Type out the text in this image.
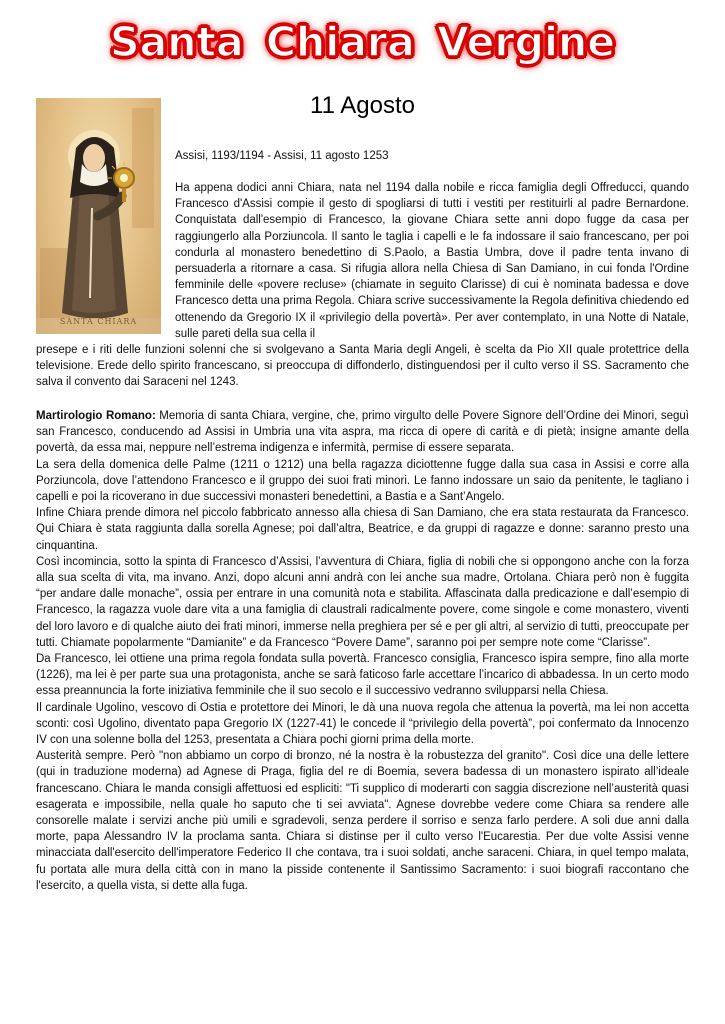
Santa Chiara Vergine
SANTA CHIARA
11 Agosto
Assisi, 1193/1194 - Assisi, 11 agosto 1253

Ha appena dodici anni Chiara, nata nel 1194 dalla nobile e ricca famiglia degli Offreducci, quando Francesco d'Assisi compie il gesto di spogliarsi di tutti i vestiti per restituirli al padre Bernardone. Conquistata dall'esempio di Francesco, la giovane Chiara sette anni dopo fugge da casa per raggiungerlo alla Porziuncola. Il santo le taglia i capelli e le fa indossare il saio francescano, per poi condurla al monastero benedettino di S.Paolo, a Bastia Umbra, dove il padre tenta invano di persuaderla a ritornare a casa. Si rifugia allora nella Chiesa di San Damiano, in cui fonda l'Ordine femminile delle «povere recluse» (chiamate in seguito Clarisse) di cui è nominata badessa e dove Francesco detta una prima Regola. Chiara scrive successivamente la Regola definitiva chiedendo ed ottenendo da Gregorio IX il «privilegio della povertà». Per aver contemplato, in una Notte di Natale, sulle pareti della sua cella il

presepe e i riti delle funzioni solenni che si svolgevano a Santa Maria degli Angeli, è scelta da Pio XII quale protettrice della televisione. Erede dello spirito francescano, si preoccupa di diffonderlo, distinguendosi per il culto verso il SS. Sacramento che salva il convento dai Saraceni nel 1243.

Martirologio Romano: Memoria di santa Chiara, vergine, che, primo virgulto delle Povere Signore dell’Ordine dei Minori, seguì san Francesco, conducendo ad Assisi in Umbria una vita aspra, ma ricca di opere di carità e di pietà; insigne amante della povertà, da essa mai, neppure nell’estrema indigenza e infermità, permise di essere separata.

La sera della domenica delle Palme (1211 o 1212) una bella ragazza diciottenne fugge dalla sua casa in Assisi e corre alla Porziuncola, dove l’attendono Francesco e il gruppo dei suoi frati minori. Le fanno indossare un saio da penitente, le tagliano i capelli e poi la ricoverano in due successivi monasteri benedettini, a Bastia e a Sant’Angelo.

Infine Chiara prende dimora nel piccolo fabbricato annesso alla chiesa di San Damiano, che era stata restaurata da Francesco. Qui Chiara è stata raggiunta dalla sorella Agnese; poi dall’altra, Beatrice, e da gruppi di ragazze e donne: saranno presto una cinquantina.

Così incomincia, sotto la spinta di Francesco d’Assisi, l’avventura di Chiara, figlia di nobili che si oppongono anche con la forza alla sua scelta di vita, ma invano. Anzi, dopo alcuni anni andrà con lei anche sua madre, Ortolana. Chiara però non è fuggita “per andare dalle monache”, ossia per entrare in una comunità nota e stabilita. Affascinata dalla predicazione e dall’esempio di Francesco, la ragazza vuole dare vita a una famiglia di claustrali radicalmente povere, come singole e come monastero, viventi del loro lavoro e di qualche aiuto dei frati minori, immerse nella preghiera per sé e per gli altri, al servizio di tutti, preoccupate per tutti. Chiamate popolarmente “Damianite” e da Francesco “Povere Dame”, saranno poi per sempre note come “Clarisse”.

Da Francesco, lei ottiene una prima regola fondata sulla povertà. Francesco consiglia, Francesco ispira sempre, fino alla morte (1226), ma lei è per parte sua una protagonista, anche se sarà faticoso farle accettare l’incarico di abbadessa. In un certo modo essa preannuncia la forte iniziativa femminile che il suo secolo e il successivo vedranno svilupparsi nella Chiesa.

Il cardinale Ugolino, vescovo di Ostia e protettore dei Minori, le dà una nuova regola che attenua la povertà, ma lei non accetta sconti: così Ugolino, diventato papa Gregorio IX (1227-41) le concede il “privilegio della povertà”, poi confermato da Innocenzo IV con una solenne bolla del 1253, presentata a Chiara pochi giorni prima della morte.

Austerità sempre. Però "non abbiamo un corpo di bronzo, né la nostra è la robustezza del granito". Così dice una delle lettere (qui in traduzione moderna) ad Agnese di Praga, figlia del re di Boemia, severa badessa di un monastero ispirato all’ideale francescano. Chiara le manda consigli affettuosi ed espliciti: "Ti supplico di moderarti con saggia discrezione nell’austerità quasi esagerata e impossibile, nella quale ho saputo che ti sei avviata". Agnese dovrebbe vedere come Chiara sa rendere alle consorelle malate i servizi anche più umili e sgradevoli, senza perdere il sorriso e senza farlo perdere. A soli due anni dalla morte, papa Alessandro IV la proclama santa. Chiara si distinse per il culto verso l'Eucarestia. Per due volte Assisi venne minacciata dall'esercito dell'imperatore Federico II che contava, tra i suoi soldati, anche saraceni. Chiara, in quel tempo malata, fu portata alle mura della città con in mano la pisside contenente il Santissimo Sacramento: i suoi biografi raccontano che l'esercito, a quella vista, si dette alla fuga.
